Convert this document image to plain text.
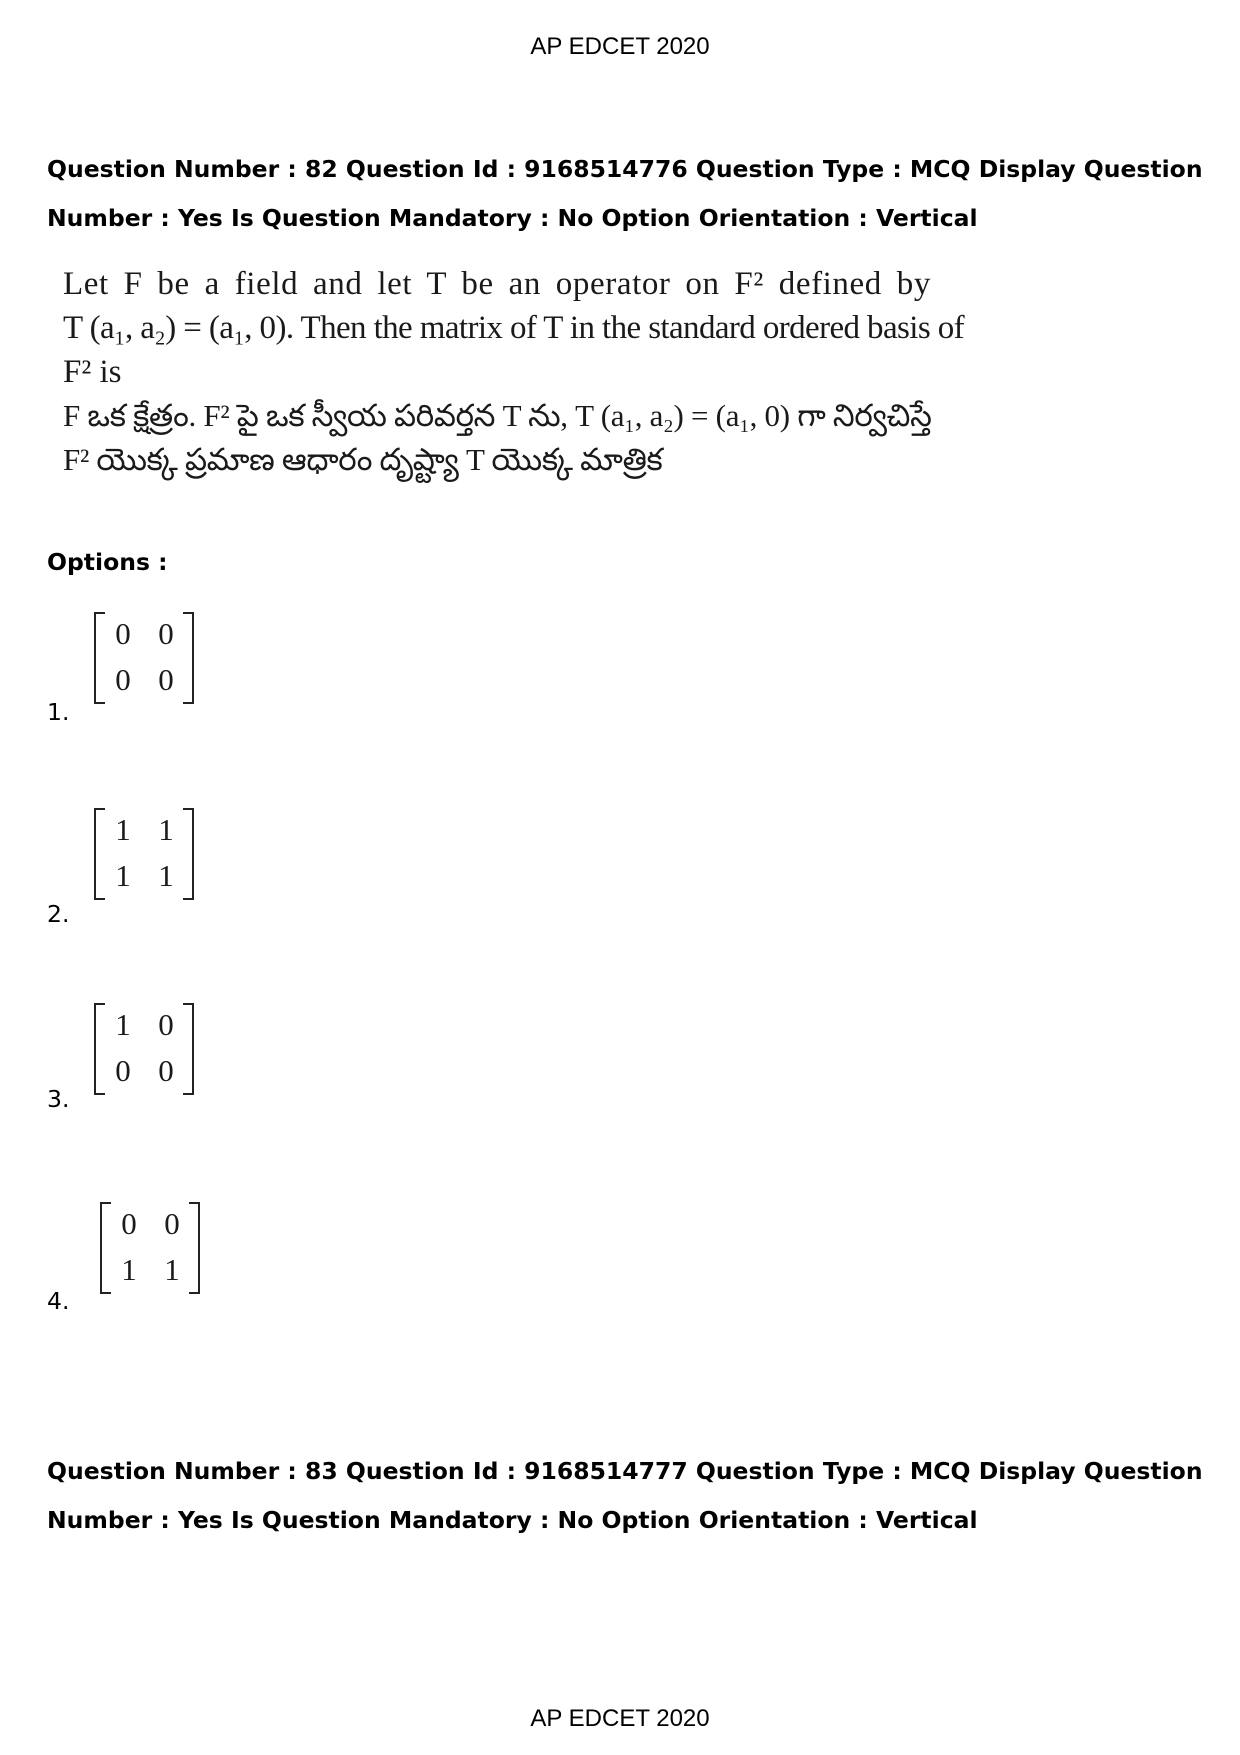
AP EDCET 2020
Question Number : 82 Question Id : 9168514776 Question Type : MCQ Display Question
Number : Yes Is Question Mandatory : No Option Orientation : Vertical
Let F be a field and let T be an operator on F² defined by
T (a₁, a₂) = (a₁, 0). Then the matrix of T in the standard ordered basis of
F² is
F ఒక క్షేత్రం. F² పై ఒక స్వీయ పరివర్తన T ను, T (a₁, a₂) = (a₁, 0) గా నిర్వచిస్తే
F² యొక్క ప్రమాణ ఆధారం దృష్ట్యా T యొక్క మాత్రిక
Options :
0 0
0 0
1.
1 1
1 1
2.
1 0
0 0
3.
0 0
1 1
4.
Question Number : 83 Question Id : 9168514777 Question Type : MCQ Display Question
Number : Yes Is Question Mandatory : No Option Orientation : Vertical
AP EDCET 2020
